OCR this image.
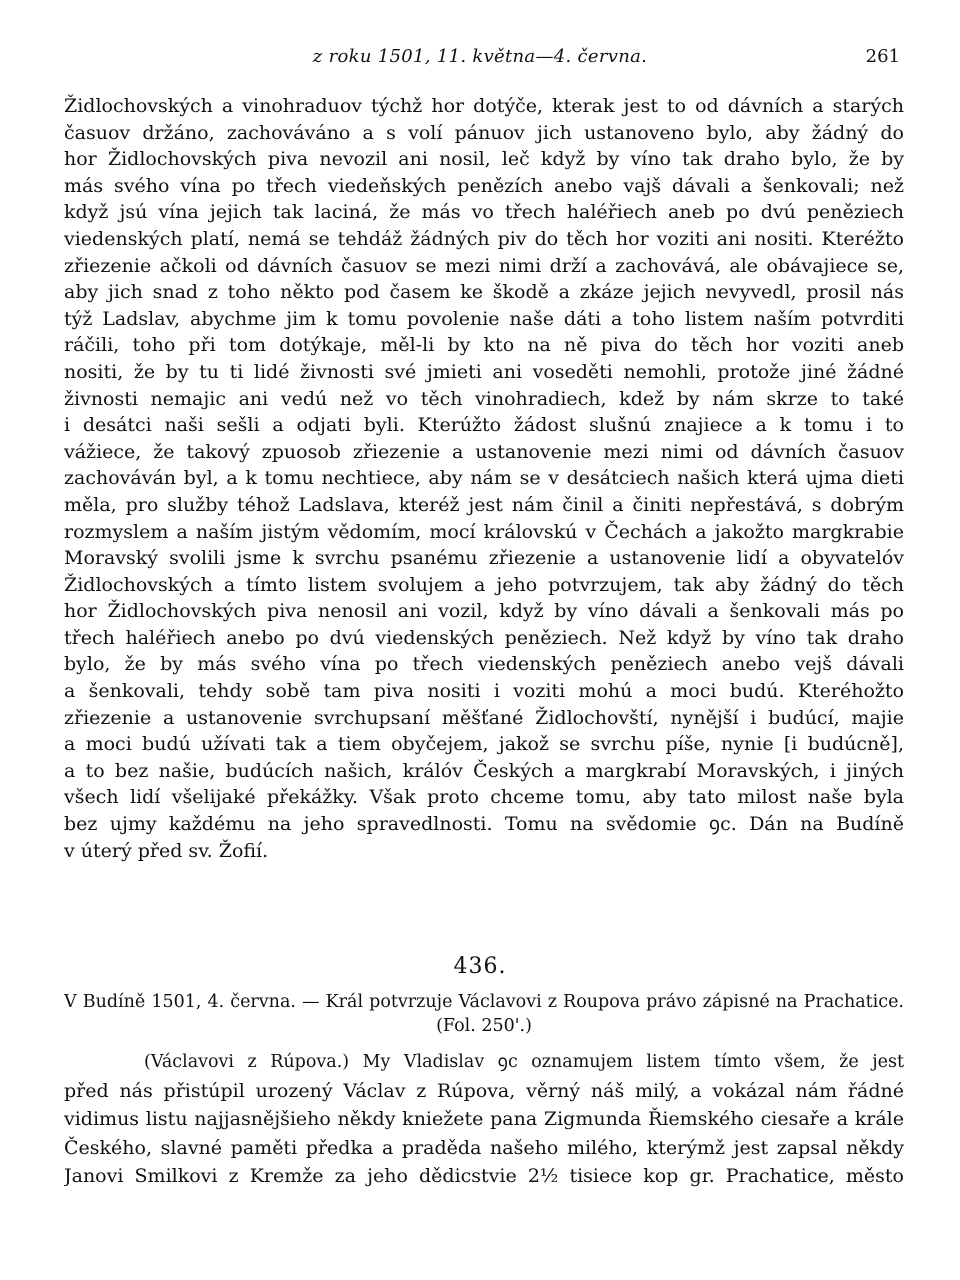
z roku 1501, 11. května—4. června.	261
Židlochovských a vinohraduov týchž hor dotýče, kterak jest to od dávních a starých
časuov držáno, zachováváno a s volí pánuov jich ustanoveno bylo, aby žádný do
hor Židlochovských piva nevozil ani nosil, leč když by víno tak draho bylo, že by
más svého vína po třech viedeňských penězích anebo vajš dávali a šenkovali; než
když jsú vína jejich tak laciná, že más vo třech haléřiech aneb po dvú peněziech
viedenských platí, nemá se tehdáž žádných piv do těch hor voziti ani nositi. Kteréžto
zřiezenie ačkoli od dávních časuov se mezi nimi drží a zachovává, ale obávajiece se,
aby jich snad z toho někto pod časem ke škodě a zkáze jejich nevyvedl, prosil nás
týž Ladslav, abychme jim k tomu povolenie naše dáti a toho listem naším potvrditi
ráčili, toho při tom dotýkaje, měl-li by kto na ně piva do těch hor voziti aneb
nositi, že by tu ti lidé živnosti své jmieti ani voseděti nemohli, protože jiné žádné
živnosti nemajic ani vedú než vo těch vinohradiech, kdež by nám skrze to také
i desátci naši sešli a odjati byli. Kterúžto žádost slušnú znajiece a k tomu i to
vážiece, že takový zpuosob zřiezenie a ustanovenie mezi nimi od dávních časuov
zachováván byl, a k tomu nechtiece, aby nám se v desátciech našich která ujma dieti
měla, pro služby téhož Ladslava, kteréž jest nám činil a činiti nepřestává, s dobrým
rozmyslem a naším jistým vědomím, mocí královskú v Čechách a jakožto margkrabie
Moravský svolili jsme k svrchu psanému zřiezenie a ustanovenie lidí a obyvatelóv
Židlochovských a tímto listem svolujem a jeho potvrzujem, tak aby žádný do těch
hor Židlochovských piva nenosil ani vozil, když by víno dávali a šenkovali más po
třech haléřiech anebo po dvú viedenských peněziech. Než když by víno tak draho
bylo, že by más svého vína po třech viedenských peněziech anebo vejš dávali
a šenkovali, tehdy sobě tam piva nositi i voziti mohú a moci budú. Kteréhožto
zřiezenie a ustanovenie svrchupsaní měšťané Židlochovští, nynější i budúcí, majie
a moci budú užívati tak a tiem obyčejem, jakož se svrchu píše, nynie [i budúcně],
a to bez našie, budúcích našich, králóv Českých a margkrabí Moravských, i jiných
všech lidí všelijaké překážky. Však proto chceme tomu, aby tato milost naše byla
bez ujmy každému na jeho spravedlnosti. Tomu na svědomie ꝯc. Dán na Budíně
v úterý před sv. Žofií.
436.
V Budíně 1501, 4. června. — Král potvrzuje Václavovi z Roupova právo zápisné na Prachatice.
(Fol. 250'.)
(Václavovi z Rúpova.) My Vladislav ꝯc oznamujem listem tímto všem, že jest
před nás přistúpil urozený Václav z Rúpova, věrný náš milý, a vokázal nám řádné
vidimus listu najjasnějšieho někdy kniežete pana Zigmunda Řiemského ciesaře a krále
Českého, slavné paměti předka a praděda našeho milého, kterýmž jest zapsal někdy
Janovi Smilkovi z Kremže za jeho dědicstvie 2½ tisiece kop gr. Prachatice, město
